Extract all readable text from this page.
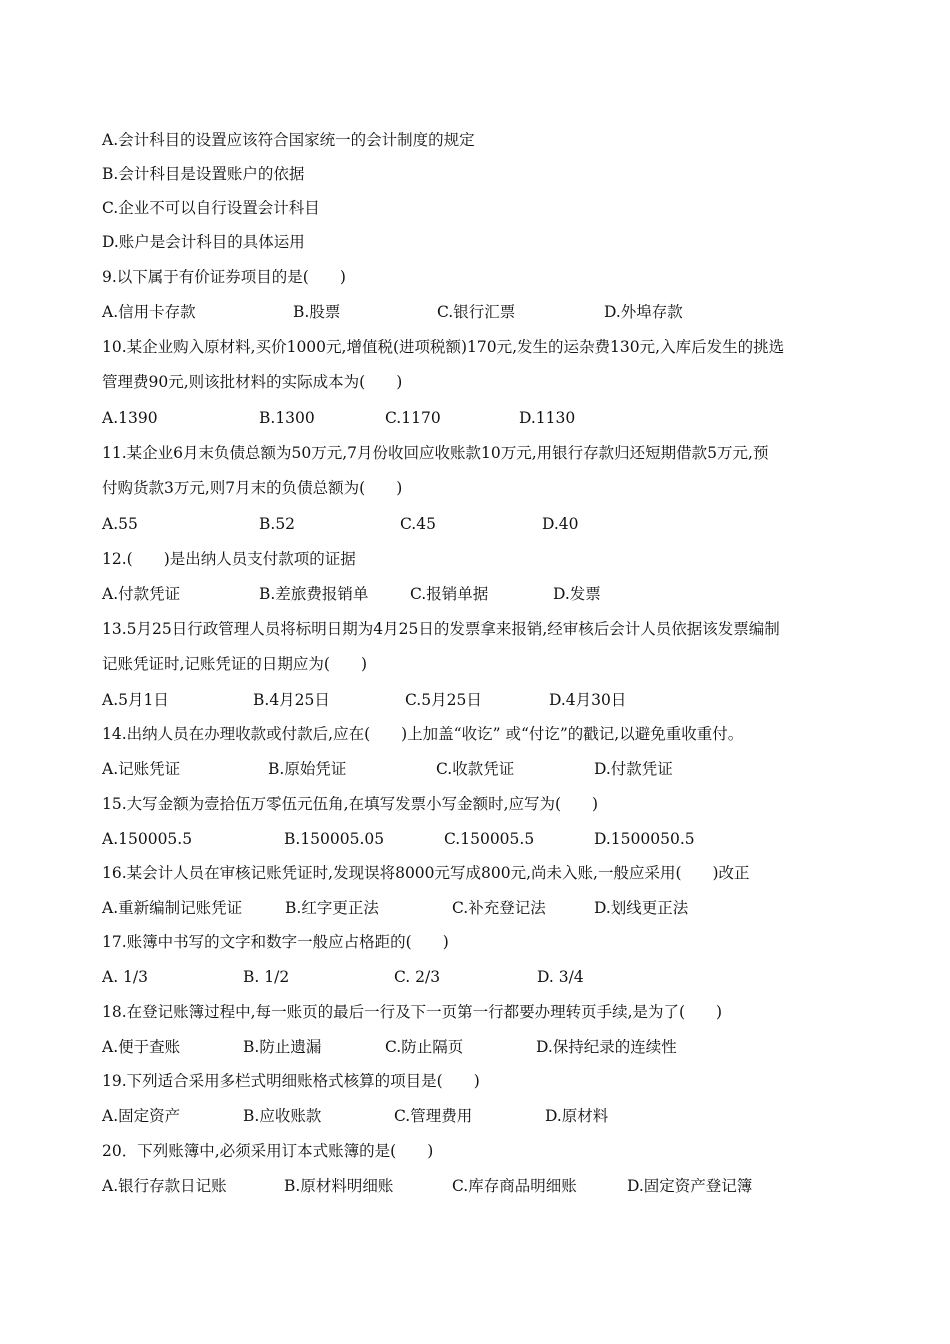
A.会计科目的设置应该符合国家统一的会计制度的规定
B.会计科目是设置账户的依据
C.企业不可以自行设置会计科目
D.账户是会计科目的具体运用
9.以下属于有价证券项目的是(　　)
A.信用卡存款	B.股票	C.银行汇票	D.外埠存款
10.某企业购入原材料,买价1000元,增值税(进项税额)170元,发生的运杂费130元,入库后发生的挑选
管理费90元,则该批材料的实际成本为(　　)
A.1390	B.1300	C.1170	D.1130
11.某企业6月末负债总额为50万元,7月份收回应收账款10万元,用银行存款归还短期借款5万元,预
付购货款3万元,则7月末的负债总额为(　　)
A.55	B.52	C.45	D.40
12.(　　)是出纳人员支付款项的证据
A.付款凭证	B.差旅费报销单	C.报销单据	D.发票
13.5月25日行政管理人员将标明日期为4月25日的发票拿来报销,经审核后会计人员依据该发票编制
记账凭证时,记账凭证的日期应为(　　)
A.5月1日	B.4月25日	C.5月25日	D.4月30日
14.出纳人员在办理收款或付款后,应在(　　)上加盖“收讫” 或“付讫”的戳记,以避免重收重付。
A.记账凭证	B.原始凭证	C.收款凭证	D.付款凭证
15.大写金额为壹拾伍万零伍元伍角,在填写发票小写金额时,应写为(　　)
A.150005.5	B.150005.05	C.150005.5	D.1500050.5
16.某会计人员在审核记账凭证时,发现误将8000元写成800元,尚未入账,一般应采用(　　)改正
A.重新编制记账凭证	B.红字更正法	C.补充登记法	D.划线更正法
17.账簿中书写的文字和数字一般应占格距的(　　)
A. 1/3	B. 1/2	C. 2/3	D. 3/4
18.在登记账簿过程中,每一账页的最后一行及下一页第一行都要办理转页手续,是为了(　　)
A.便于查账	B.防止遗漏	C.防止隔页	D.保持纪录的连续性
19.下列适合采用多栏式明细账格式核算的项目是(　　)
A.固定资产	B.应收账款	C.管理费用	D.原材料
20．下列账簿中,必须采用订本式账簿的是(　　)
A.银行存款日记账	B.原材料明细账	C.库存商品明细账	D.固定资产登记簿
